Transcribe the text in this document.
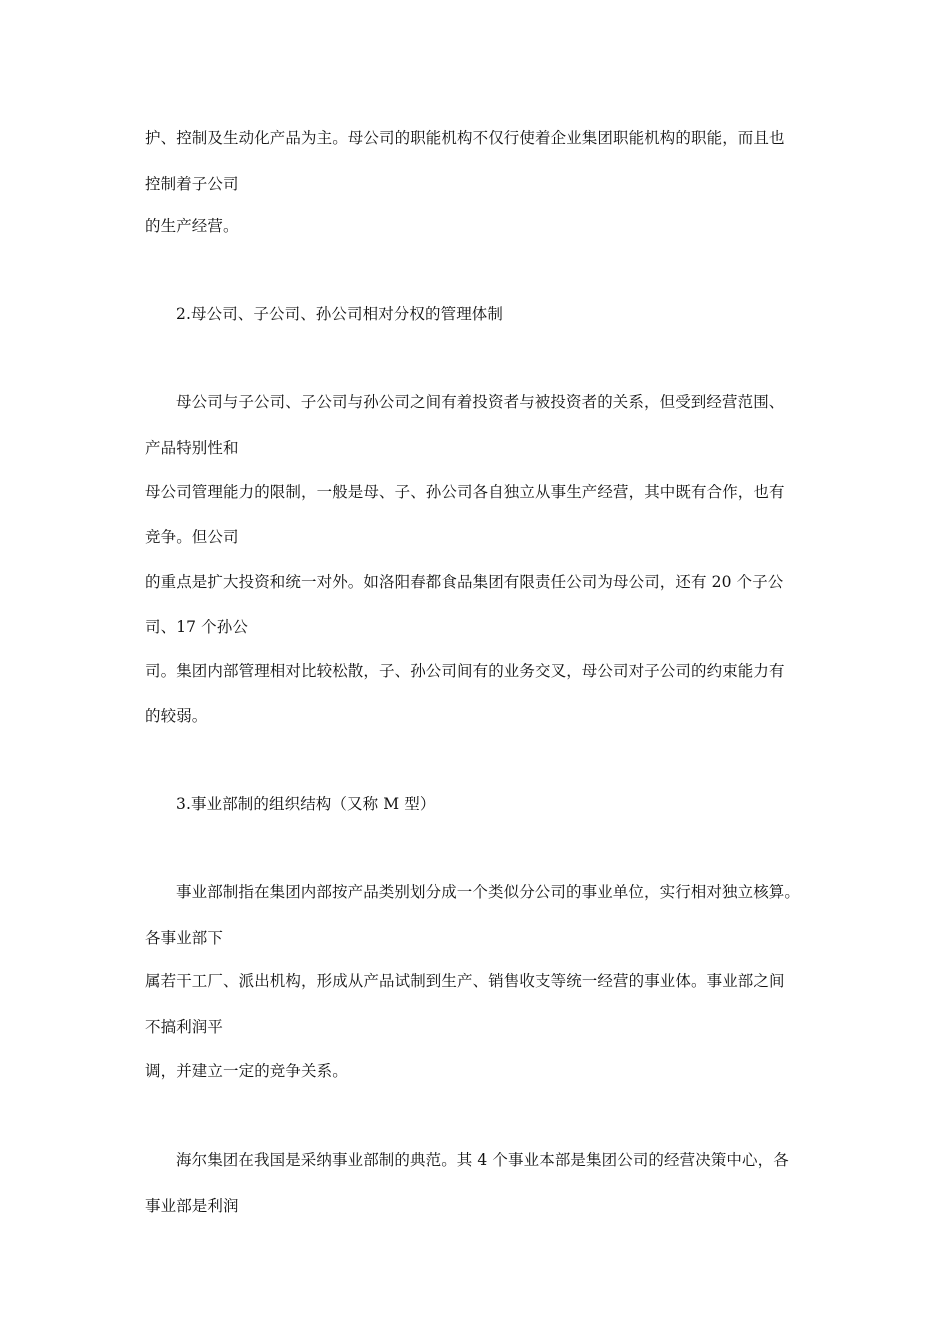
护、控制及生动化产品为主。母公司的职能机构不仅行使着企业集团职能机构的职能，而且也
控制着子公司
的生产经营。
2.母公司、子公司、孙公司相对分权的管理体制
母公司与子公司、子公司与孙公司之间有着投资者与被投资者的关系，但受到经营范围、
产品特别性和
母公司管理能力的限制，一般是母、子、孙公司各自独立从事生产经营，其中既有合作，也有
竞争。但公司
的重点是扩大投资和统一对外。如洛阳春都食品集团有限责任公司为母公司，还有 20 个子公
司、17 个孙公
司。集团内部管理相对比较松散，子、孙公司间有的业务交叉，母公司对子公司的约束能力有
的较弱。
3.事业部制的组织结构（又称 M 型）
事业部制指在集团内部按产品类别划分成一个类似分公司的事业单位，实行相对独立核算。
各事业部下
属若干工厂、派出机构，形成从产品试制到生产、销售收支等统一经营的事业体。事业部之间
不搞利润平
调，并建立一定的竞争关系。
海尔集团在我国是采纳事业部制的典范。其 4 个事业本部是集团公司的经营决策中心，各
事业部是利润
